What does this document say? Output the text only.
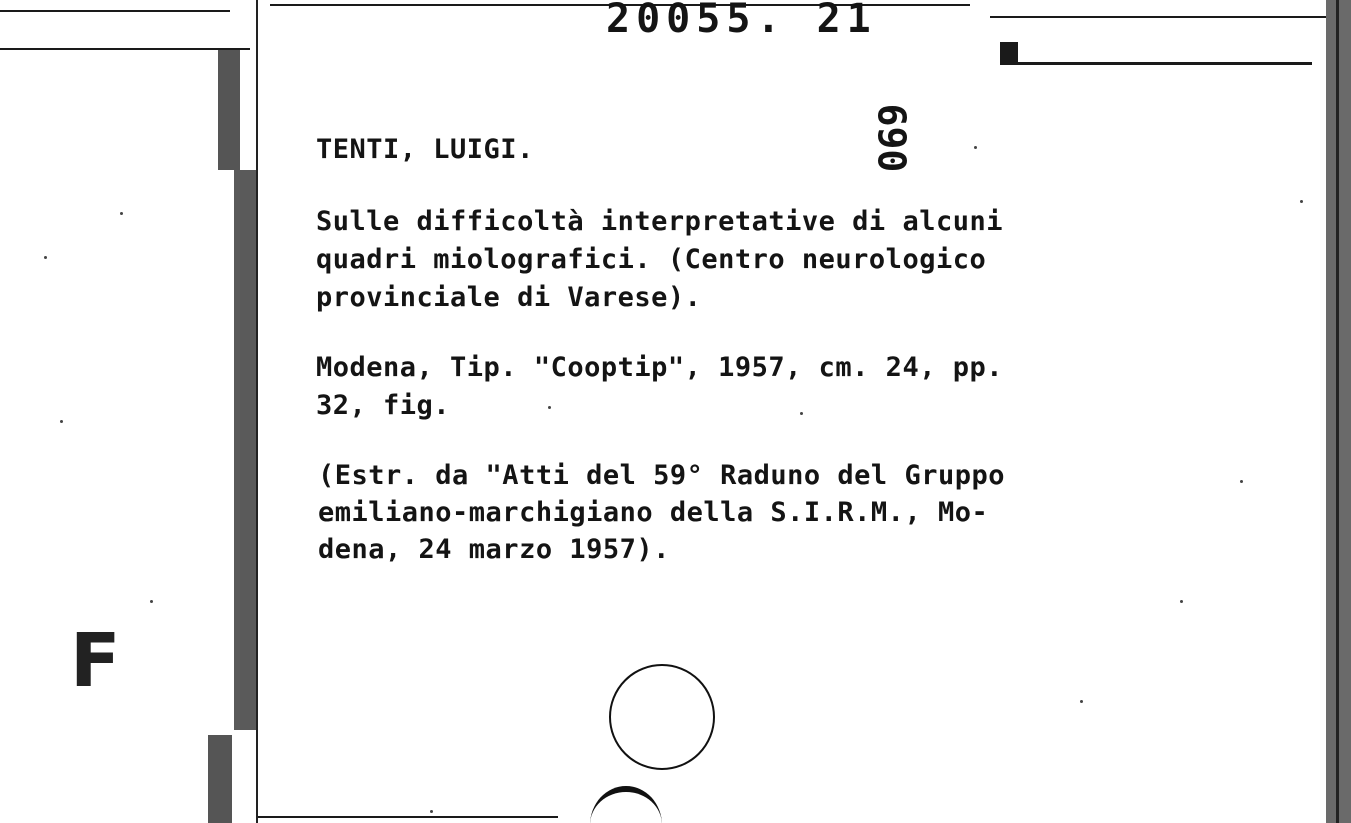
20055. 21
690
TENTI, LUIGI.
Sulle difficoltà interpretative di alcuni
quadri miolografici. (Centro neurologico
provinciale di Varese).
Modena, Tip. "Cooptip", 1957, cm. 24, pp.
32, fig.
(Estr. da "Atti del 59° Raduno del Gruppo
emiliano-marchigiano della S.I.R.M., Mo-
dena, 24 marzo 1957).
F
